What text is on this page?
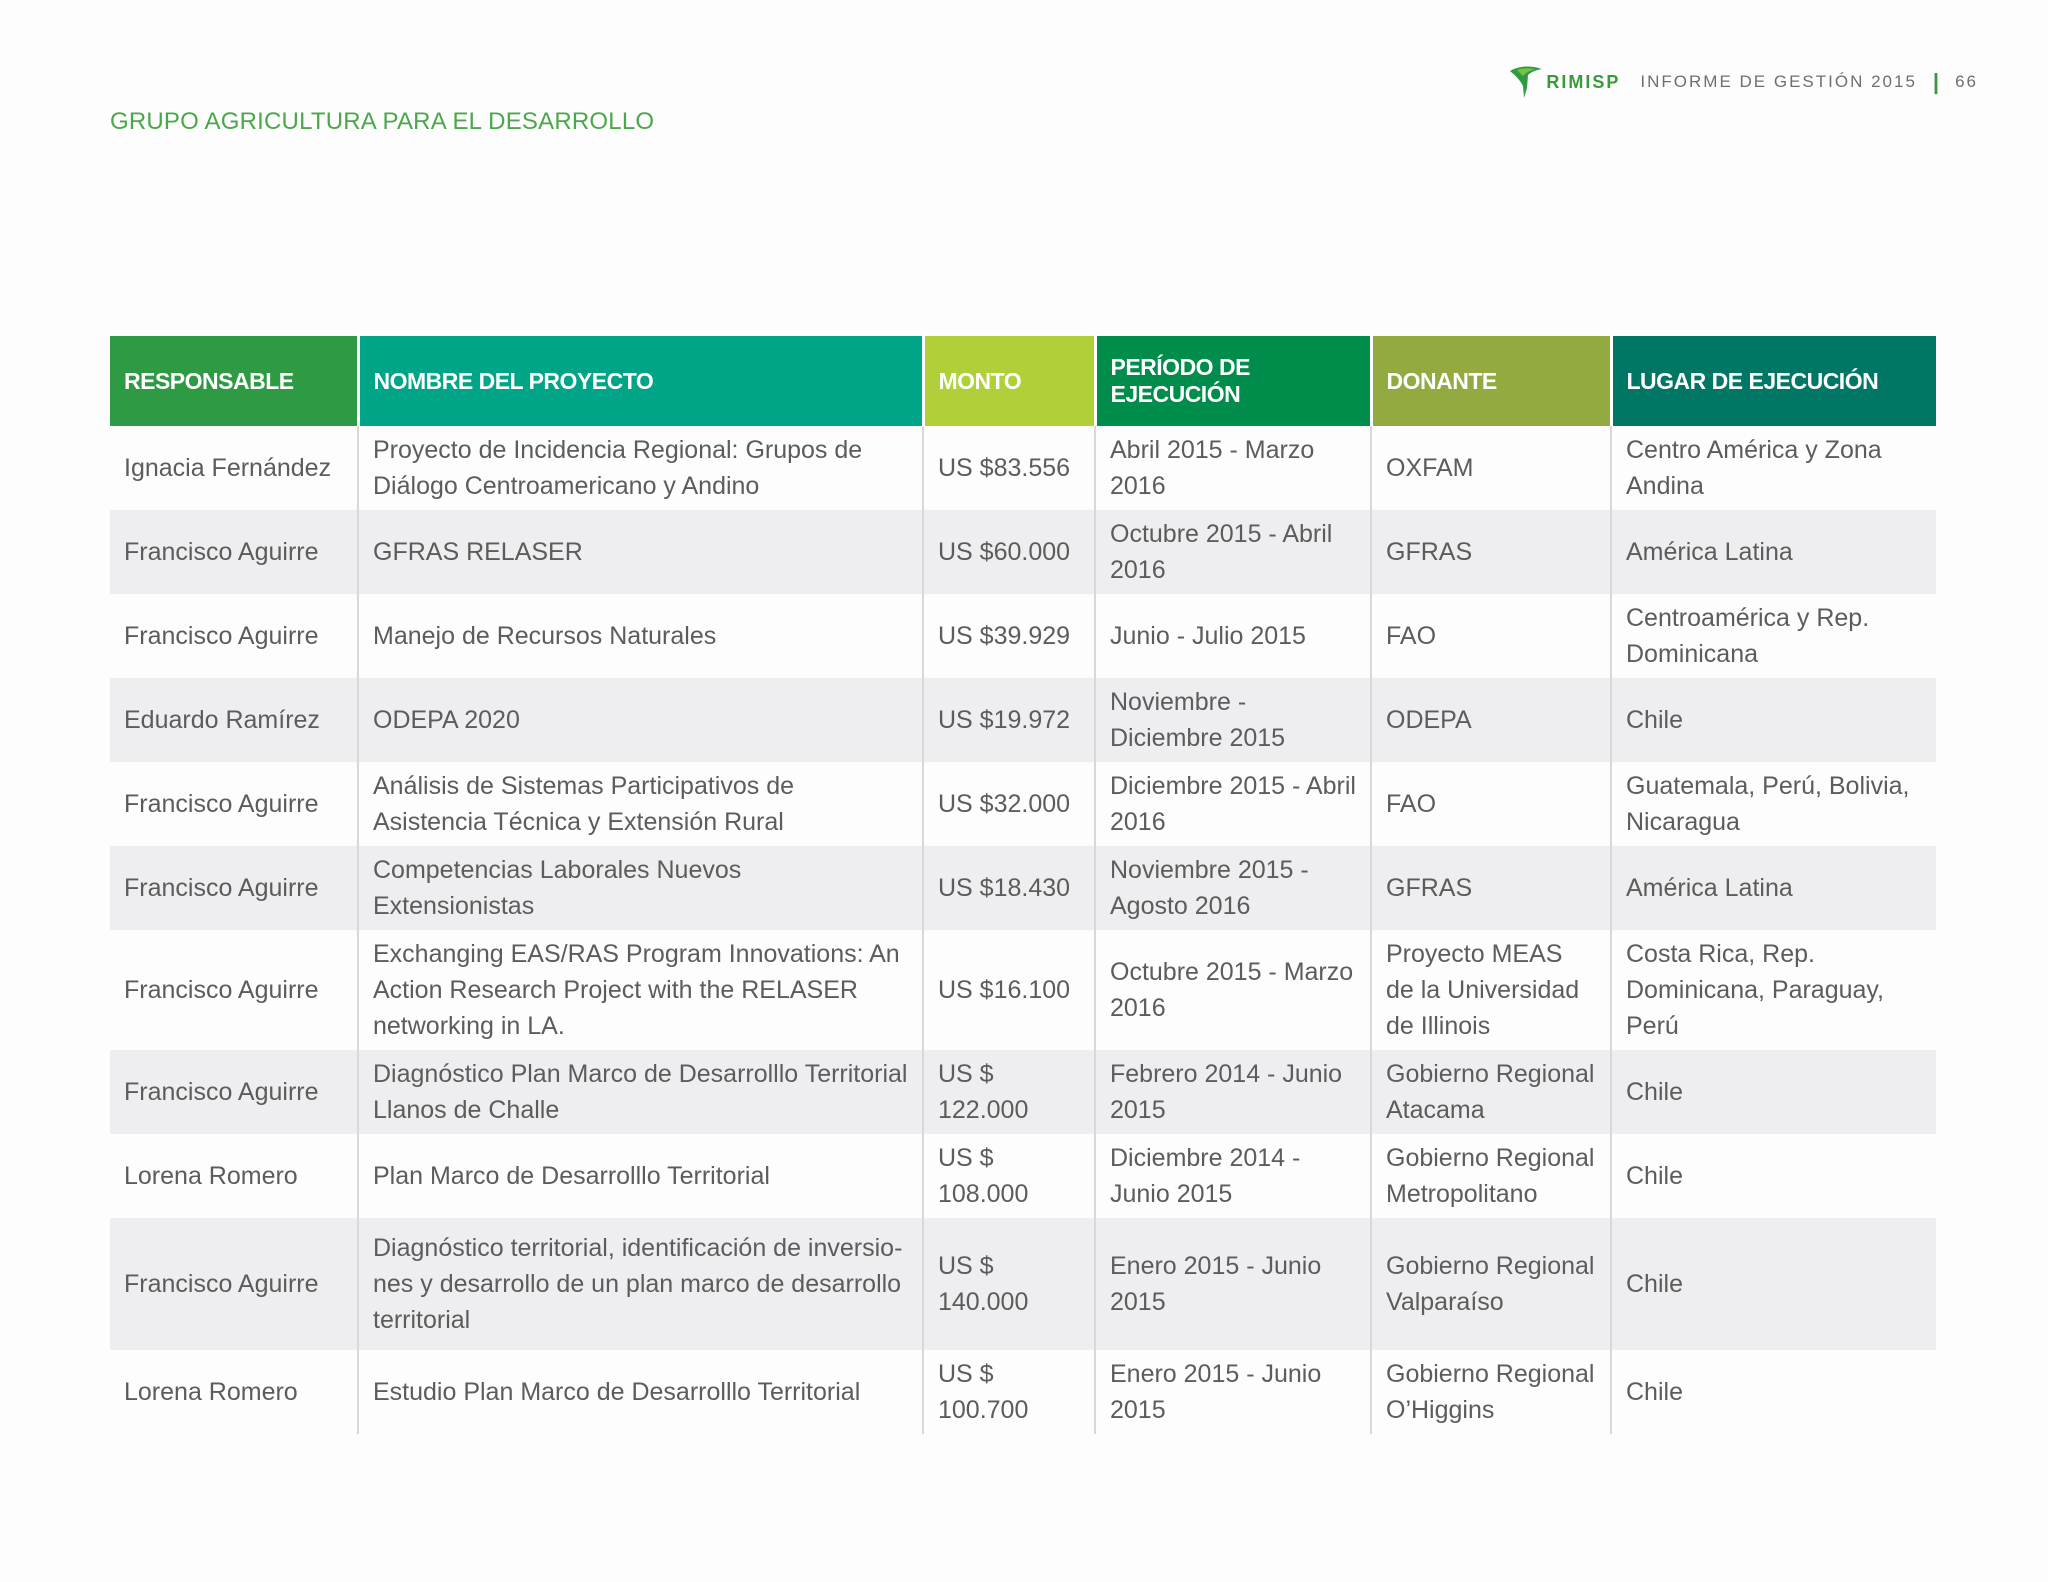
RIMISP INFORME DE GESTIÓN 2015 | 66
GRUPO AGRICULTURA PARA EL DESARROLLO
RESPONSABLE	NOMBRE DEL PROYECTO	MONTO	PERÍODO DE EJECUCIÓN	DONANTE	LUGAR DE EJECUCIÓN
Ignacia Fernández	Proyecto de Incidencia Regional: Grupos de Diálogo Centroamericano y Andino	US $83.556	Abril 2015 - Marzo 2016	OXFAM	Centro América y Zona Andina
Francisco Aguirre	GFRAS RELASER	US $60.000	Octubre 2015 - Abril 2016	GFRAS	América Latina
Francisco Aguirre	Manejo de Recursos Naturales	US $39.929	Junio - Julio 2015	FAO	Centroamérica y Rep. Dominicana
Eduardo Ramírez	ODEPA 2020	US $19.972	Noviembre - Diciembre 2015	ODEPA	Chile
Francisco Aguirre	Análisis de Sistemas Participativos de Asistencia Técnica y Extensión Rural	US $32.000	Diciembre 2015 - Abril 2016	FAO	Guatemala, Perú, Bolivia, Nicaragua
Francisco Aguirre	Competencias Laborales Nuevos Extensionistas	US $18.430	Noviembre 2015 - Agosto 2016	GFRAS	América Latina
Francisco Aguirre	Exchanging EAS/RAS Program Innovations: An Action Research Project with the RELASER networking in LA.	US $16.100	Octubre 2015 - Marzo 2016	Proyecto MEAS de la Universidad de Illinois	Costa Rica, Rep. Dominicana, Paraguay, Perú
Francisco Aguirre	Diagnóstico Plan Marco de Desarrolllo Territorial Llanos de Challe	US $ 122.000	Febrero 2014 - Junio 2015	Gobierno Regional Atacama	Chile
Lorena Romero	Plan Marco de Desarrolllo Territorial	US $ 108.000	Diciembre 2014 - Junio 2015	Gobierno Regional Metropolitano	Chile
Francisco Aguirre	Diagnóstico territorial, identificación de inversio-nes y desarrollo de un plan marco de desarrollo territorial	US $ 140.000	Enero 2015 - Junio 2015	Gobierno Regional Valparaíso	Chile
Lorena Romero	Estudio Plan Marco de Desarrolllo Territorial	US $ 100.700	Enero 2015 - Junio 2015	Gobierno Regional O’Higgins	Chile
